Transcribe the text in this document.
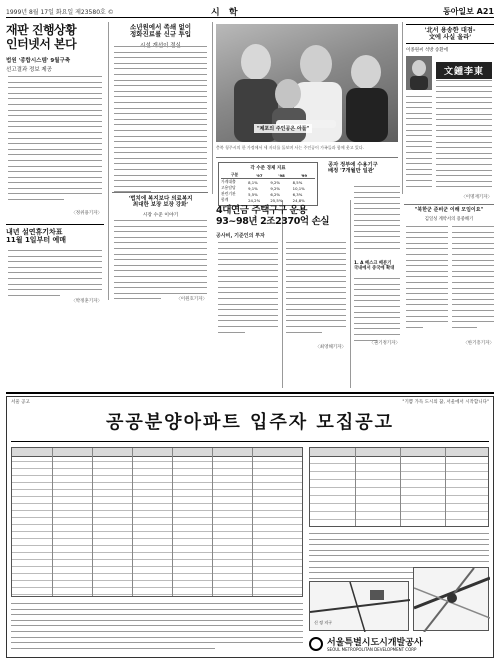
1999년 8월 17일 화요일 제23580호 ©	시 학	동아일보 A21
재판 진행상황
인터넷서 본다
법원 '종합시스템' 9월구축
선고결과 정보 제공
〈정위용기자〉
내년 설연휴기차표
11월 1일부터 예매
〈박정훈기자〉
소년원에서 족쇄 없이
정화진료를 신규 투입
'법치에 복지보다 의료복지
최대한 보장 보장 강화'
시장 수준 이야기
〈이원호기자〉
"체포의 주인공은 아들"
충북 청주시의 한 가정에서 세 자녀를 돌보며 사는 주인공이 가족들과 함께 웃고 있다.
각 수준 경제 지표
구분	'97	'98	'99
가계대출	8,1%	9,2%	8,5%
고용담당	9,1%	9,2%	10,1%
관련기관	5,5%	6,2%	6,3%
합계	24,2%	25,5%	24,8%
4대연금 주택구구 운용
93~98년 2조2370억 손실
공사비, 기준인의 투자
〈최영해기자〉
공자 정부에 수용기구
배정 '7개월만 일관'
1. A 베스크 배분기
국내에서 중국에 확대
〈권기정기자〉
'北서 용송한 대점-
文에 사실 올라'
이종원씨 석방 송환에
文鍾李東
〈이명재기자〉
"북한군 준비군 이해 모임이요"
김일성 계약서의 용중해기
〈한기흥기자〉
서울 공고	"기쁨 가득 도시의 꿈, 서울에서 시작합니다"
공공분양아파트 입주자 모집공고
신 정 지구
서울특별시도시개발공사
SEOUL METROPOLITAN DEVELOPMENT CORP
